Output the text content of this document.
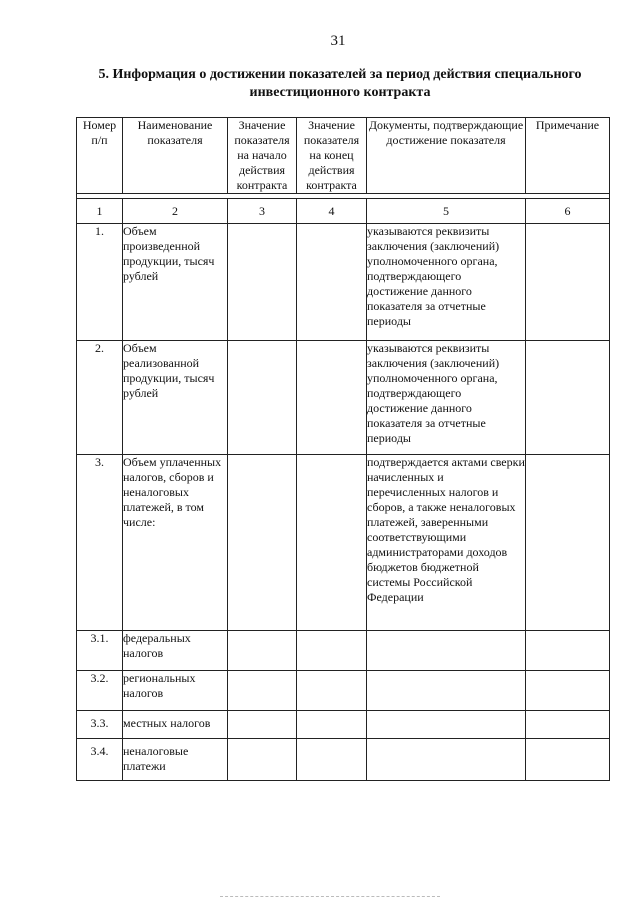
31
5. Информация о достижении показателей за период действия специального инвестиционного контракта
Номер п/п	Наименование показателя	Значение показателя на начало действия контракта	Значение показателя на конец действия контракта	Документы, подтверждающие достижение показателя	Примечание

1	2	3	4	5	6
1.	Объем произведенной продукции, тысяч рублей			указываются реквизиты заключения (заключений) уполномоченного органа, подтверждающего достижение данного показателя за отчетные периоды	
2.	Объем реализованной продукции, тысяч рублей			указываются реквизиты заключения (заключений) уполномоченного органа, подтверждающего достижение данного показателя за отчетные периоды	
3.	Объем уплаченных налогов, сборов и неналоговых платежей, в том числе:			подтверждается актами сверки начисленных и перечисленных налогов и сборов, а также неналоговых платежей, заверенными соответствующими администраторами доходов бюджетов бюджетной системы Российской Федерации	
3.1.	федеральных налогов				
3.2.	региональных налогов				
3.3.	местных налогов				
3.4.	неналоговые платежи				
